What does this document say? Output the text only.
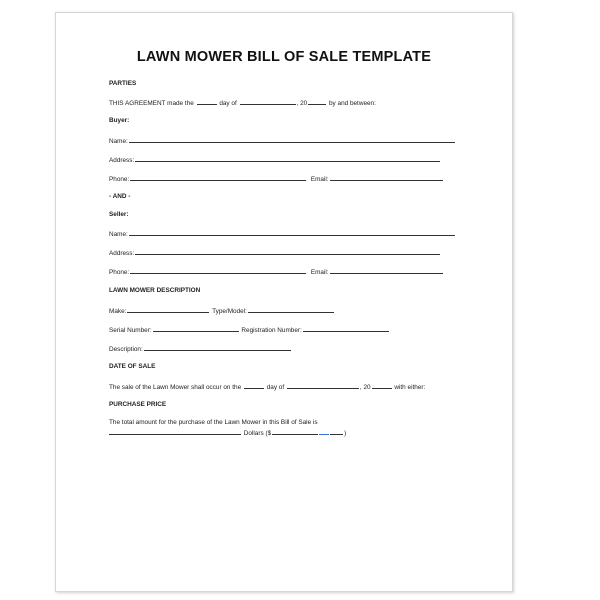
LAWN MOWER BILL OF SALE TEMPLATE
PARTIES
THIS AGREEMENT made the	day of	, 20	by and between:
Buyer:
Name:
Address:
Phone:	Email:
- AND -
Seller:
Name:
Address:
Phone:	Email:
LAWN MOWER DESCRIPTION
Make:	Type/Model:
Serial Number:	Registration Number:
Description:
DATE OF SALE
The sale of the Lawn Mower shall occur on the	day of	, 20	with either:
PURCHASE PRICE
The total amount for the purchase of the Lawn Mower in this Bill of Sale is
Dollars ($	)
